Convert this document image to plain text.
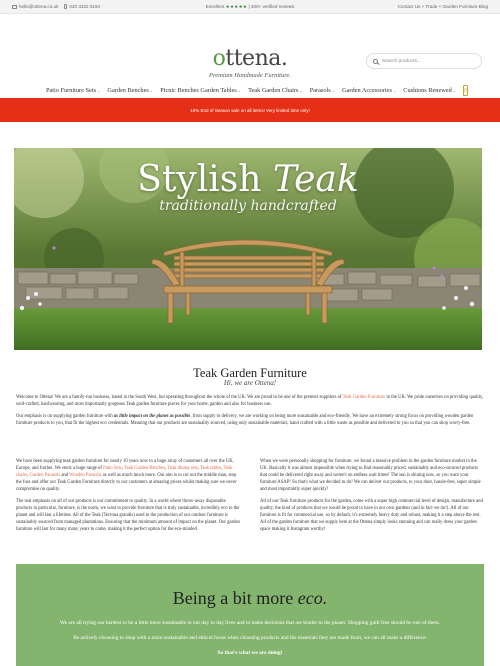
hello@ottena.co.uk 020 3322 9194	Excellent ★★★★★ | 400+ verified reviews	Contact Us + Trade + Garden Furniture Blog
ottena.
Premium Handmade Furniture.
Search products...
Patio Furniture Sets ⌄	Garden Benches ⌄	Picnic Benches Garden Tables ⌄	Teak Garden Chairs ⌄	Parasols ⌄	Garden Accessories ⌄	Cushions Renewed ⌄	0
10% End of Season sale on all items! Very limited time only!
Stylish Teak
traditionally handcrafted
Teak Garden Furniture
Hi, we are Ottena!

Welcome to Ottena! We are a family-run business, based in the South West, but operating throughout the whole of the UK. We are proud to be one of the premier suppliers of Teak Garden Furniture in the UK. We pride ourselves on providing quality, well-crafted, hardwearing, and most importantly gorgeous Teak garden furniture pieces for your home, garden and also for business use.

Our emphasis is on supplying garden furniture with as little impact on the planet as possible, from supply to delivery, we are working on being more sustainable and eco-friendly. We have an extremely strong focus on providing wooden garden furniture products to you, that fit the highest eco credentials. Meaning that our products are sustainably sourced, using only sustainable materials, hand crafted with a little waste as possible and delivered to you so that you can shop worry-free.

We have been supplying teak garden furniture for nearly 10 years now to a huge array of customers all over the UK, Europe, and further. We stock a huge range of Patio Sets, Teak Garden Benches, Teak dining sets, Teak tables, Teak chairs, Garden Parasols and Wooden Parasols as well as much much more. Our aim is to cut out the middle man, stop the fuss and offer our Teak Garden Furniture directly to our customers at amazing prices whilst making sure we never compromise on quality.

The real emphasis on all of our products is our commitment to quality. In a world where throw-away disposable products in particular, furniture, is the norm, we want to provide furniture that is truly sustainable, incredibly eco to the planet and will last a lifetime. All of the Teak (Tectona grandis) used in the production of our outdoor furniture is sustainably sourced from managed plantations. Ensuring that the minimum amount of impact on the planet. Our garden furniture will last for many many years to come, making it the perfect option for the eco-minded.

When we were personally shopping for furniture, we found a massive problem in the garden furniture market in the UK. Basically it was almost impossible when trying to find reasonably priced, sustainably and eco-sourced products that could be delivered right away and weren't on endless wait times! The sun is shining now, so you want your furniture ASAP! So that's what we decided to do! We can deliver our products, to your door, hassle-free, super simple and most importantly super quickly!

All of our Teak furniture products for the garden, come with a super high commercial level of design, manufacture and quality, the kind of products that we would be proud to have in our own gardens (and in fact we do!). All of our furniture is fit for commercial use, so by default, it's extremely heavy duty and robust, making it a step above the rest. All of the garden furniture that we supply here at the Ottena simply looks stunning and can really dress your garden space making it Instagram worthy!

Being a bit more eco.
We are all trying our hardest to be a little more sustainable in our day to day lives and to make decisions that are kinder to the planet. Shopping guilt free should be one of them.
Be actively choosing to shop with a more sustainable and ethical focus when choosing products and the materials they are made from, we can all make a difference.
So that's what we are doing!
